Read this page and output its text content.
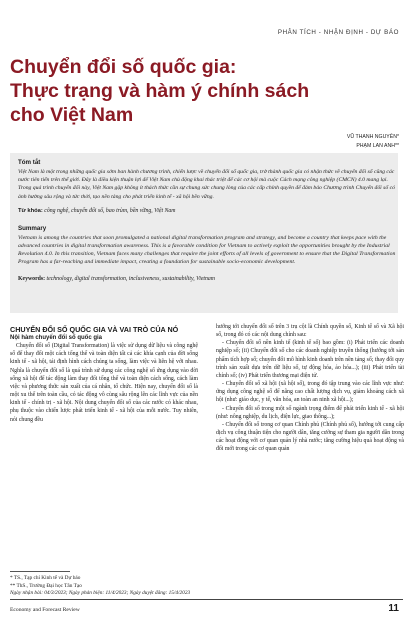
PHÂN TÍCH - NHẬN ĐỊNH - DỰ BÁO
Chuyển đổi số quốc gia:
Thực trạng và hàm ý chính sách
cho Việt Nam
VŨ THANH NGUYÊN*
PHẠM LAN ANH**

Tóm tắt

Việt Nam là một trong những quốc gia sớm ban hành chương trình, chiến lược về chuyển đổi số quốc gia, trở thành quốc gia có nhận thức về chuyển đổi số cũng các nước tiên tiến trên thế giới. Đây là điều kiện thuận lợi để Việt Nam chủ động khai thác triệt để các cơ hội mà cuộc Cách mạng công nghiệp (CMCN) 4.0 mang lại. Trong quá trình chuyển đổi này, Việt Nam gặp không ít thách thức cần sự chung sức chung lòng của các cấp chính quyền để đảm bảo Chương trình Chuyển đổi số có ảnh hưởng sâu rộng và tức thời, tạo nền tảng cho phát triển kinh tế - xã hội bền vững.

Từ khóa: công nghệ, chuyển đổi số, bao trùm, bền vững, Việt Nam

Summary

Vietnam is among the countries that soon promulgated a national digital transformation program and strategy, and become a country that keeps pace with the advanced countries in digital transformation awareness. This is a favorable condition for Vietnam to actively exploit the opportunities brought by the Industrial Revolution 4.0. In this transition, Vietnam faces many challenges that require the joint efforts of all levels of government to ensure that the Digital Transformation Program has a far-reaching and immediate impact, creating a foundation for sustainable socio-economic development.

Keywords: technology, digital transformation, inclusiveness, sustainability, Vietnam

CHUYỂN ĐỔI SỐ QUỐC GIA VÀ VAI TRÒ CỦA NÓ

Nội hàm chuyển đổi số quốc gia

Chuyển đổi số (Digital Transformation) là việc sử dụng dữ liệu và công nghệ số để thay đổi một cách tổng thể và toàn diện tất cả các khía cạnh của đời sống kinh tế - xã hội, tái định hình cách chúng ta sống, làm việc và liên hệ với nhau. Nghĩa là chuyển đổi số là quá trình sử dụng các công nghệ số ứng dụng vào đời sống xã hội để tác động làm thay đổi tổng thể và toàn diện cách sống, cách làm việc và phương thức sản xuất của cá nhân, tổ chức. Hiện nay, chuyển đổi số là một xu thế trên toàn cầu, có tác động vô cùng sâu rộng lên các lĩnh vực của nền kinh tế - chính trị - xã hội. Nội dung chuyển đổi số của các nước có khác nhau, phụ thuộc vào chiến lược phát triển kinh tế - xã hội của mỗi nước. Tuy nhiên, nói chung đều

hướng tới chuyển đổi số trên 3 trụ cột là Chính quyền số, Kinh tế số và Xã hội số, trong đó có các nội dung chính sau:

- Chuyển đổi số nền kinh tế (kinh tế số) bao gồm: (i) Phát triển các doanh nghiệp số; (ii) Chuyển đổi số cho các doanh nghiệp truyền thống (hướng tới sản phẩm tích hợp số; chuyển đổi mô hình kinh doanh trên nền tảng số; thay đổi quy trình sản xuất dựa trên dữ liệu số, tự động hóa, ảo hóa...); (iii) Phát triển tài chính số; (iv) Phát triển thương mại điện tử.

- Chuyển đổi số xã hội (xã hội số), trong đó tập trung vào các lĩnh vực như: ứng dụng công nghệ số để nâng cao chất lượng dịch vụ, giảm khoảng cách xã hội (như: giáo dục, y tế, văn hóa, an toàn an ninh xã hội...);

- Chuyển đổi số trong một số ngành trọng điểm để phát triển kinh tế - xã hội (như: nông nghiệp, du lịch, điện lực, giao thông...);

- Chuyển đổi số trong cơ quan Chính phủ (Chính phủ số), hướng tới cung cấp dịch vụ công thuận tiện cho người dân, tăng cường sự tham gia người dân trong các hoạt động với cơ quan quản lý nhà nước; tăng cường hiệu quả hoạt động và đổi mới trong các cơ quan quản

* TS., Tạp chí Kinh tế và Dự báo

** ThS., Trường Đại học Tân Tạo

Ngày nhận bài: 04/3/2023; Ngày phản biện: 11/4/2023; Ngày duyệt đăng: 15/4/2023

Economy and Forecast Review	11
